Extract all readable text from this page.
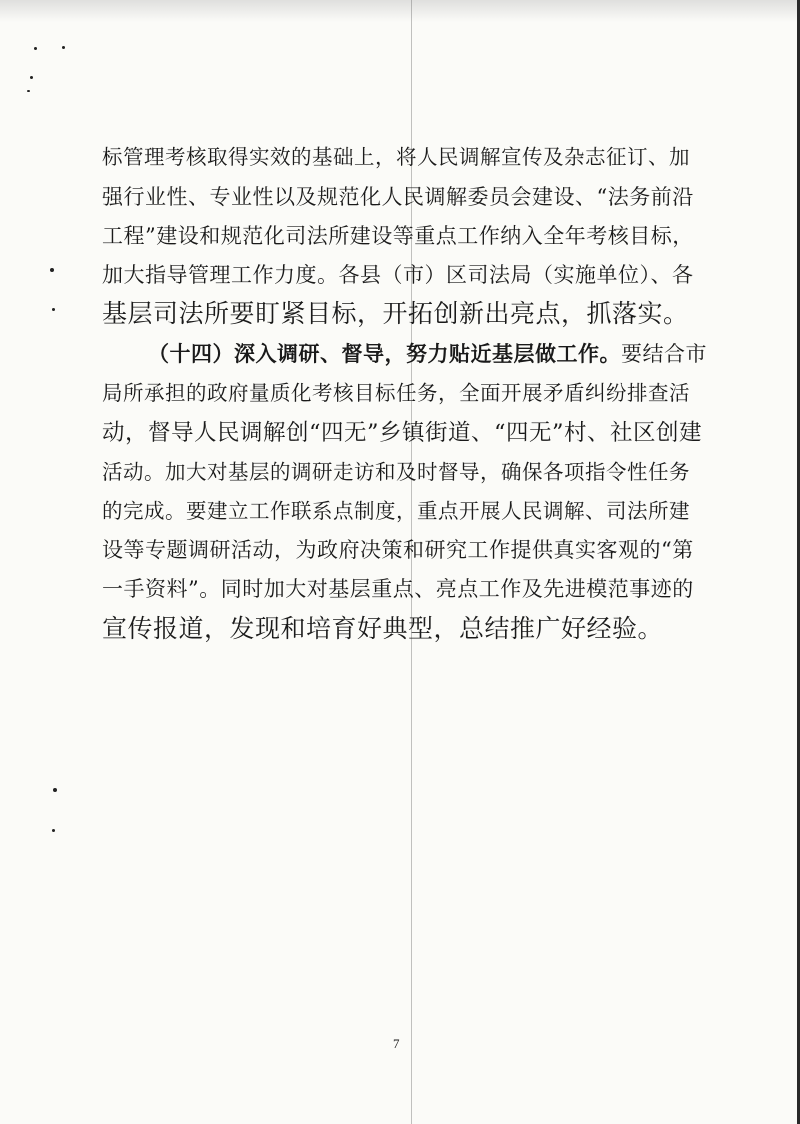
标管理考核取得实效的基础上，将人民调解宣传及杂志征订、加
强行业性、专业性以及规范化人民调解委员会建设、“法务前沿
工程”建设和规范化司法所建设等重点工作纳入全年考核目标，
加大指导管理工作力度。各县（市）区司法局（实施单位）、各
基层司法所要盯紧目标，开拓创新出亮点，抓落实。
（十四）深入调研、督导，努力贴近基层做工作。要结合市
局所承担的政府量质化考核目标任务，全面开展矛盾纠纷排查活
动，督导人民调解创“四无”乡镇街道、“四无”村、社区创建
活动。加大对基层的调研走访和及时督导，确保各项指令性任务
的完成。要建立工作联系点制度，重点开展人民调解、司法所建
设等专题调研活动，为政府决策和研究工作提供真实客观的“第
一手资料”。同时加大对基层重点、亮点工作及先进模范事迹的
宣传报道，发现和培育好典型，总结推广好经验。
7
